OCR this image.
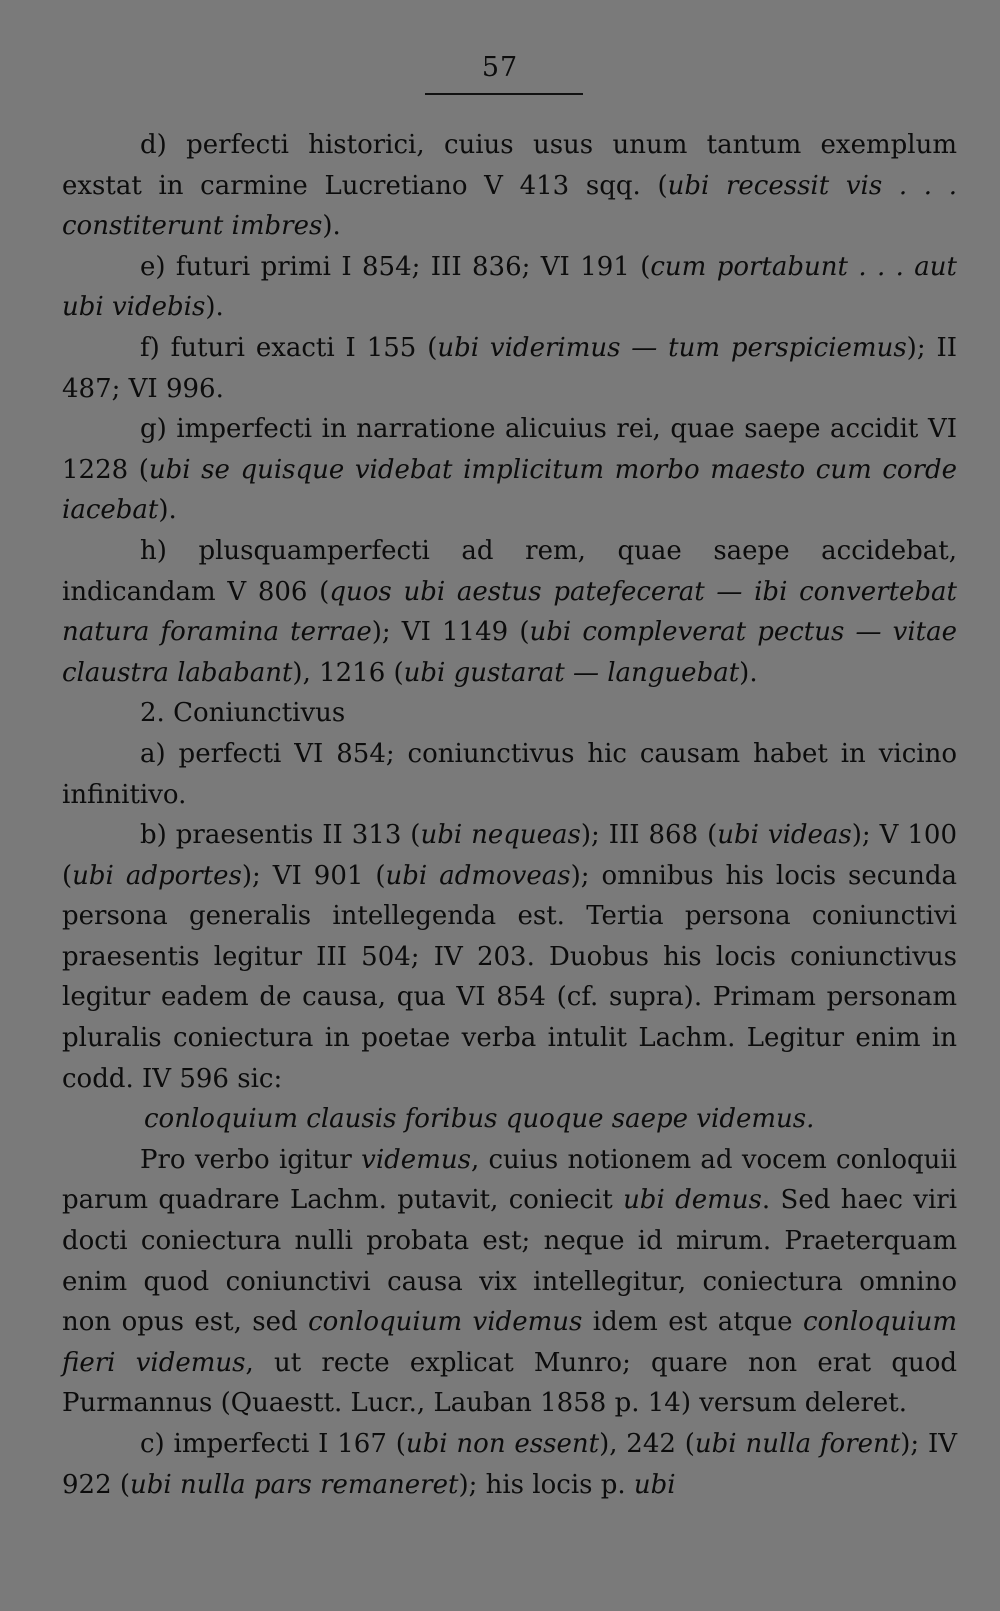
57

d) perfecti historici, cuius usus unum tantum exemplum exstat in carmine Lucretiano V 413 sqq. (ubi recessit vis . . . constiterunt imbres).

e) futuri primi I 854; III 836; VI 191 (cum portabunt . . . aut ubi videbis).

f) futuri exacti I 155 (ubi viderimus — tum perspiciemus); II 487; VI 996.

g) imperfecti in narratione alicuius rei, quae saepe accidit VI 1228 (ubi se quisque videbat implicitum morbo maesto cum corde iacebat).

h) plusquamperfecti ad rem, quae saepe accidebat, indicandam V 806 (quos ubi aestus patefecerat — ibi convertebat natura foramina terrae); VI 1149 (ubi compleverat pectus — vitae claustra lababant), 1216 (ubi gustarat — languebat).

2. Coniunctivus

a) perfecti VI 854; coniunctivus hic causam habet in vicino infinitivo.

b) praesentis II 313 (ubi nequeas); III 868 (ubi videas); V 100 (ubi adportes); VI 901 (ubi admoveas); omnibus his locis secunda persona generalis intellegenda est. Tertia persona coniunctivi praesentis legitur III 504; IV 203. Duobus his locis coniunctivus legitur eadem de causa, qua VI 854 (cf. supra). Primam personam pluralis coniectura in poetae verba intulit Lachm. Legitur enim in codd. IV 596 sic:

conloquium clausis foribus quoque saepe videmus.

Pro verbo igitur videmus, cuius notionem ad vocem conloquii parum quadrare Lachm. putavit, coniecit ubi demus. Sed haec viri docti coniectura nulli probata est; neque id mirum. Praeterquam enim quod coniunctivi causa vix intellegitur, coniectura omnino non opus est, sed conloquium videmus idem est atque conloquium fieri videmus, ut recte explicat Munro; quare non erat quod Purmannus (Quaestt. Lucr., Lauban 1858 p. 14) versum deleret.

c) imperfecti I 167 (ubi non essent), 242 (ubi nulla forent); IV 922 (ubi nulla pars remaneret); his locis p. ubi
